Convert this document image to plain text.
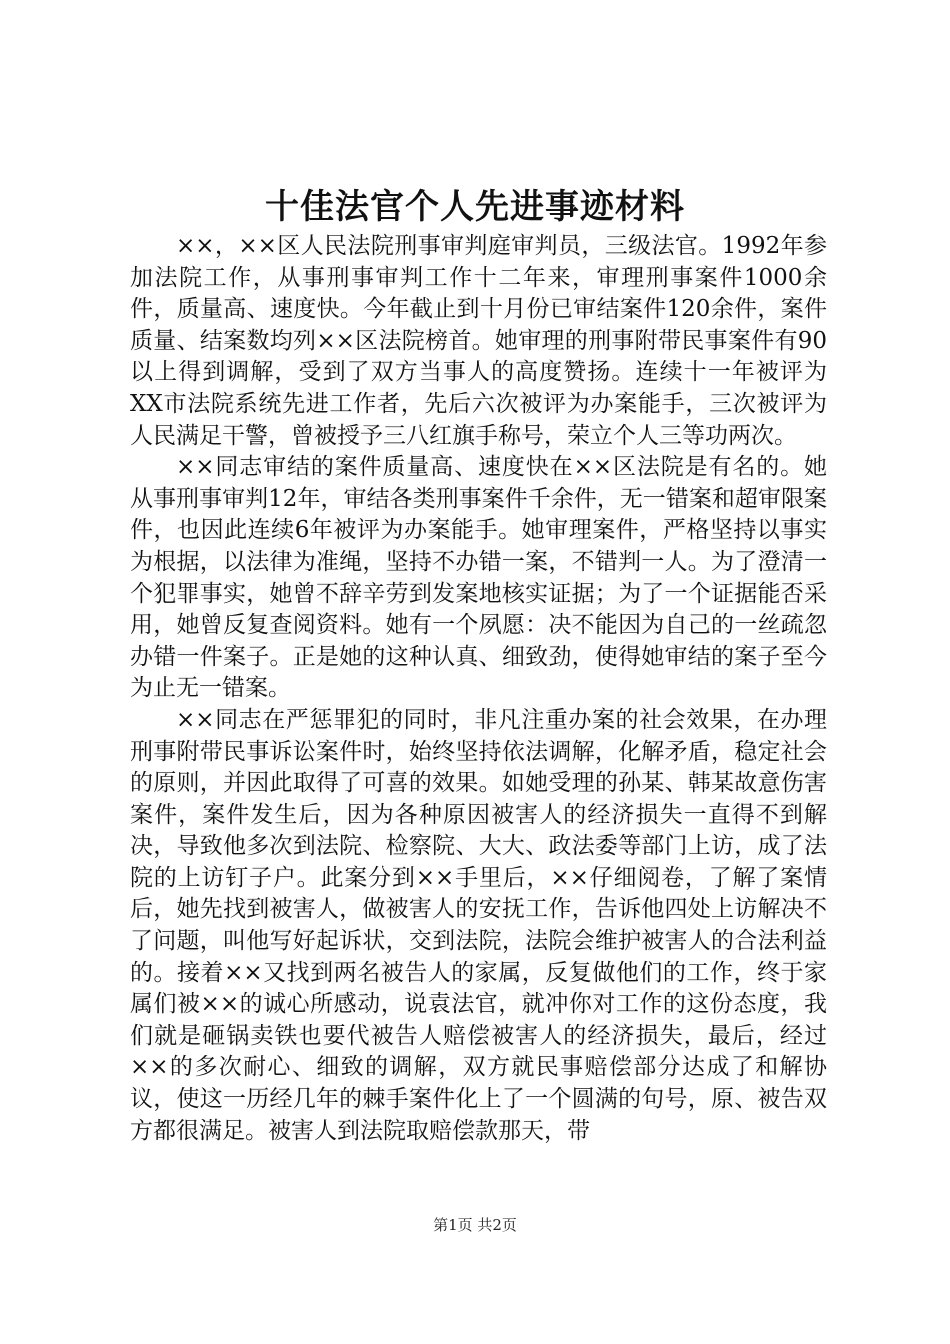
十佳法官个人先进事迹材料

××，××区人民法院刑事审判庭审判员，三级法官。1992年参加法院工作，从事刑事审判工作十二年来，审理刑事案件1000余件，质量高、速度快。今年截止到十月份已审结案件120余件，案件质量、结案数均列××区法院榜首。她审理的刑事附带民事案件有90以上得到调解，受到了双方当事人的高度赞扬。连续十一年被评为XX市法院系统先进工作者，先后六次被评为办案能手，三次被评为人民满足干警，曾被授予三八红旗手称号，荣立个人三等功两次。

××同志审结的案件质量高、速度快在××区法院是有名的。她从事刑事审判12年，审结各类刑事案件千余件，无一错案和超审限案件，也因此连续6年被评为办案能手。她审理案件，严格坚持以事实为根据，以法律为准绳，坚持不办错一案，不错判一人。为了澄清一个犯罪事实，她曾不辞辛劳到发案地核实证据；为了一个证据能否采用，她曾反复查阅资料。她有一个夙愿：决不能因为自己的一丝疏忽办错一件案子。正是她的这种认真、细致劲，使得她审结的案子至今为止无一错案。

××同志在严惩罪犯的同时，非凡注重办案的社会效果，在办理刑事附带民事诉讼案件时，始终坚持依法调解，化解矛盾，稳定社会的原则，并因此取得了可喜的效果。如她受理的孙某、韩某故意伤害案件，案件发生后，因为各种原因被害人的经济损失一直得不到解决，导致他多次到法院、检察院、大大、政法委等部门上访，成了法院的上访钉子户。此案分到××手里后，××仔细阅卷，了解了案情后，她先找到被害人，做被害人的安抚工作，告诉他四处上访解决不了问题，叫他写好起诉状，交到法院，法院会维护被害人的合法利益的。接着××又找到两名被告人的家属，反复做他们的工作，终于家属们被××的诚心所感动，说袁法官，就冲你对工作的这份态度，我们就是砸锅卖铁也要代被告人赔偿被害人的经济损失，最后，经过××的多次耐心、细致的调解，双方就民事赔偿部分达成了和解协议，使这一历经几年的棘手案件化上了一个圆满的句号，原、被告双方都很满足。被害人到法院取赔偿款那天，带

第1页 共2页
